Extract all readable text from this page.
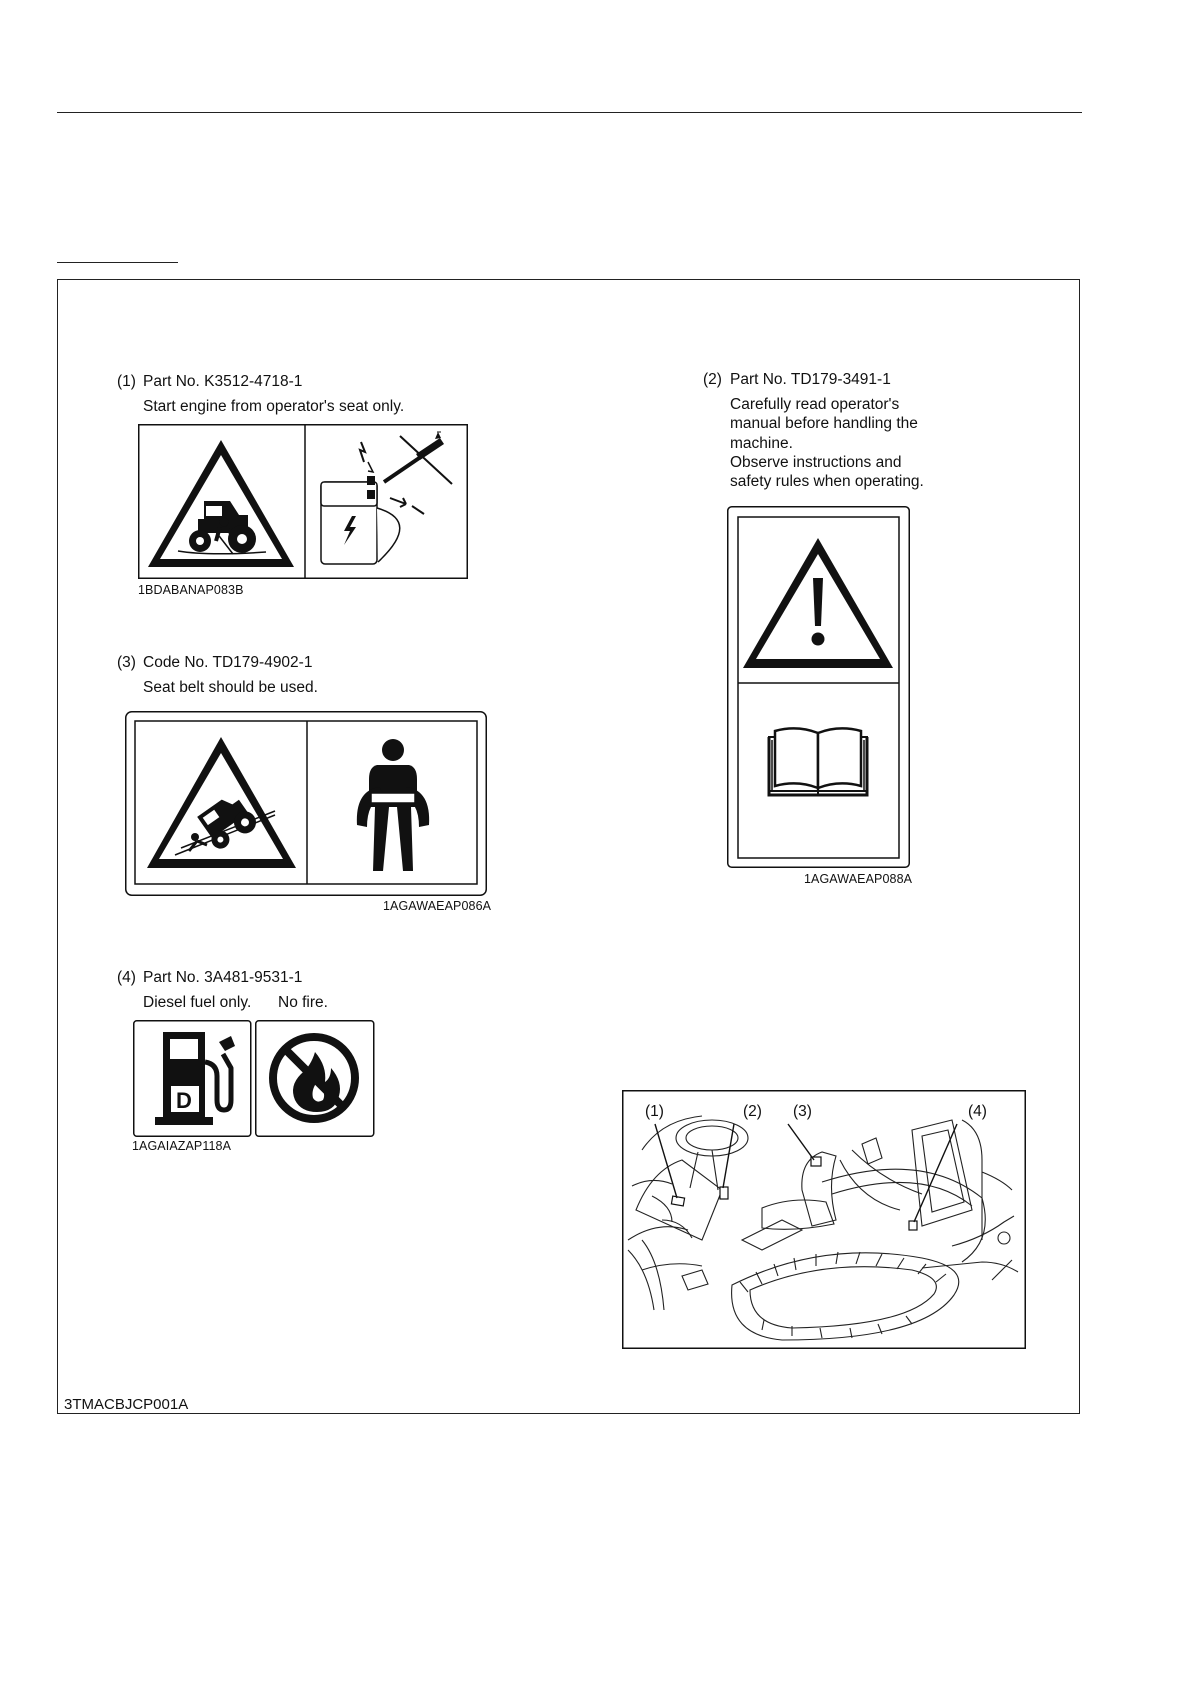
(1) Part No. K3512-4718-1
Start engine from operator's seat only.
1BDABANAP083B
(2) Part No. TD179-3491-1
Carefully read operator's
manual before handling the
machine.
Observe instructions and
safety rules when operating.
1AGAWAEAP088A
(3) Code No. TD179-4902-1
Seat belt should be used.
1AGAWAEAP086A
(4) Part No. 3A481-9531-1
Diesel fuel only. No fire.
D
1AGAIAZAP118A
(1)	(2) (3)	(4)
3TMACBJCP001A
